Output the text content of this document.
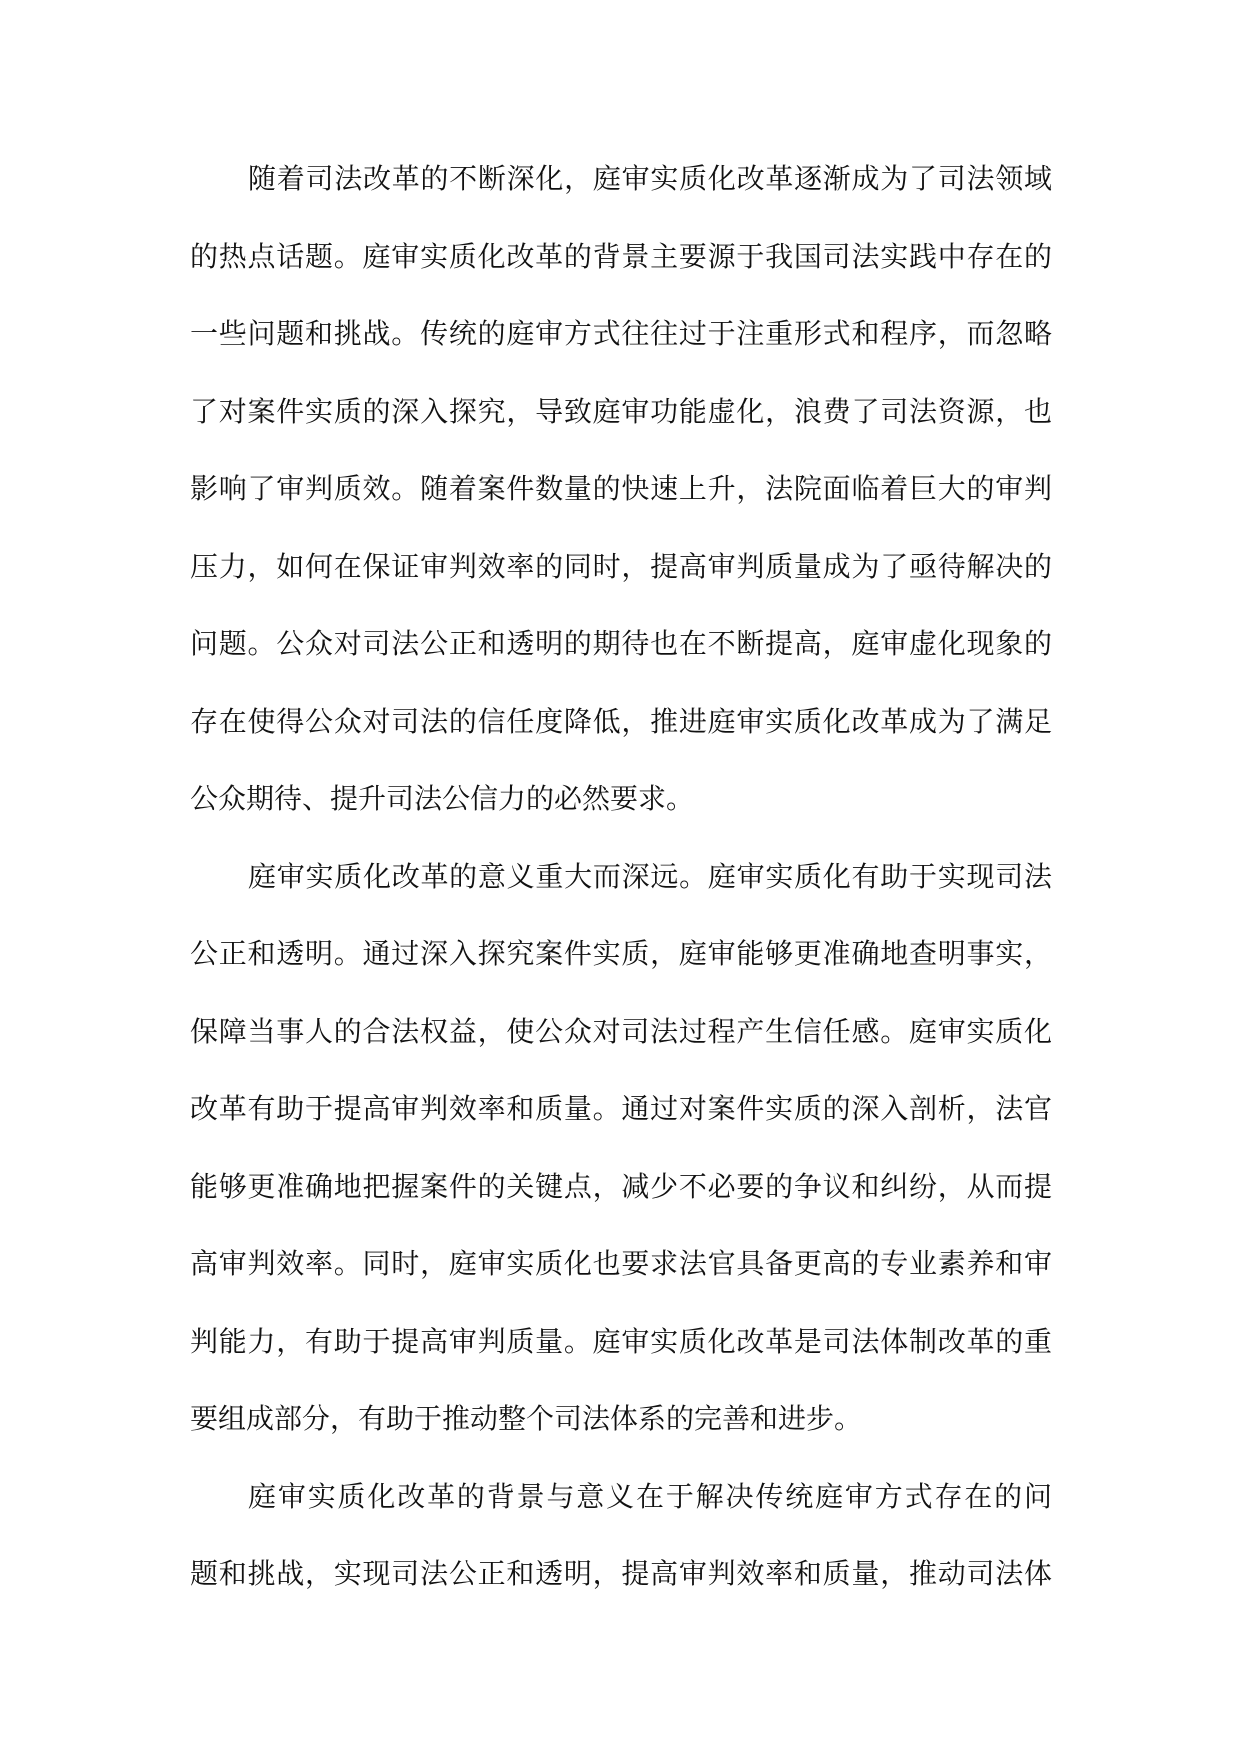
随着司法改革的不断深化，庭审实质化改革逐渐成为了司法领域
的热点话题。庭审实质化改革的背景主要源于我国司法实践中存在的
一些问题和挑战。传统的庭审方式往往过于注重形式和程序，而忽略
了对案件实质的深入探究，导致庭审功能虚化，浪费了司法资源，也
影响了审判质效。随着案件数量的快速上升，法院面临着巨大的审判
压力，如何在保证审判效率的同时，提高审判质量成为了亟待解决的
问题。公众对司法公正和透明的期待也在不断提高，庭审虚化现象的
存在使得公众对司法的信任度降低，推进庭审实质化改革成为了满足
公众期待、提升司法公信力的必然要求。
庭审实质化改革的意义重大而深远。庭审实质化有助于实现司法
公正和透明。通过深入探究案件实质，庭审能够更准确地查明事实，
保障当事人的合法权益，使公众对司法过程产生信任感。庭审实质化
改革有助于提高审判效率和质量。通过对案件实质的深入剖析，法官
能够更准确地把握案件的关键点，减少不必要的争议和纠纷，从而提
高审判效率。同时，庭审实质化也要求法官具备更高的专业素养和审
判能力，有助于提高审判质量。庭审实质化改革是司法体制改革的重
要组成部分，有助于推动整个司法体系的完善和进步。
庭审实质化改革的背景与意义在于解决传统庭审方式存在的问
题和挑战，实现司法公正和透明，提高审判效率和质量，推动司法体
